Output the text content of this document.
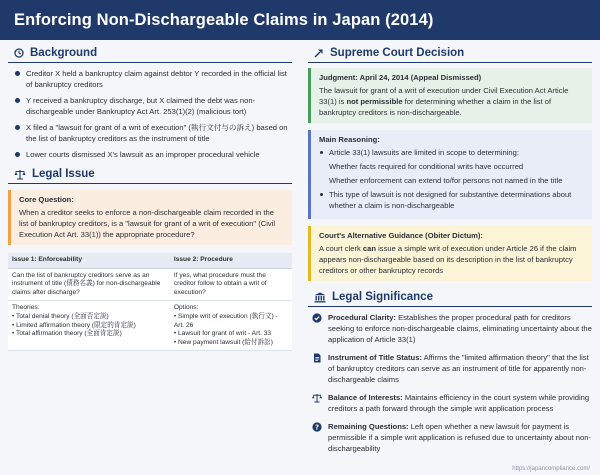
Enforcing Non-Dischargeable Claims in Japan (2014)
Background
Creditor X held a bankruptcy claim against debtor Y recorded in the official list of bankruptcy creditors
Y received a bankruptcy discharge, but X claimed the debt was non-dischargeable under Bankruptcy Act Art. 253(1)(2) (malicious tort)
X filed a "lawsuit for grant of a writ of execution" (執行文付与の訴え) based on the list of bankruptcy creditors as the instrument of title
Lower courts dismissed X's lawsuit as an improper procedural vehicle
Legal Issue
Core Question:
When a creditor seeks to enforce a non-dischargeable claim recorded in the list of bankruptcy creditors, is a "lawsuit for grant of a writ of execution" (Civil Execution Act Art. 33(1)) the appropriate procedure?
Issue 1: Enforceability	Issue 2: Procedure
Can the list of bankruptcy creditors serve as an instrument of title (債務名義) for non-dischargeable claims after discharge?	If yes, what procedure must the creditor follow to obtain a writ of execution?

Theories:
• Total denial theory (全面否定説)
• Limited affirmation theory (限定的肯定説)
• Total affirmation theory (全面肯定説)	Options:
• Simple writ of execution (執行文) - Art. 26
• Lawsuit for grant of writ - Art. 33
• New payment lawsuit (給付訴訟)
Supreme Court Decision
Judgment: April 24, 2014 (Appeal Dismissed)
The lawsuit for grant of a writ of execution under Civil Execution Act Article 33(1) is not permissible for determining whether a claim in the list of bankruptcy creditors is non-dischargeable.
Main Reasoning:
Article 33(1) lawsuits are limited in scope to determining:
Whether facts required for conditional writs have occurred
Whether enforcement can extend to/for persons not named in the title
This type of lawsuit is not designed for substantive determinations about whether a claim is non-dischargeable
Court's Alternative Guidance (Obiter Dictum):
A court clerk can issue a simple writ of execution under Article 26 if the claim appears non-dischargeable based on its description in the list of bankruptcy creditors or other bankruptcy records
Legal Significance
Procedural Clarity: Establishes the proper procedural path for creditors seeking to enforce non-dischargeable claims, eliminating uncertainty about the application of Article 33(1)
Instrument of Title Status: Affirms the "limited affirmation theory" that the list of bankruptcy creditors can serve as an instrument of title for apparently non-dischargeable claims
Balance of Interests: Maintains efficiency in the court system while providing creditors a path forward through the simple writ application process
? Remaining Questions: Left open whether a new lawsuit for payment is permissible if a simple writ application is refused due to uncertainty about non-dischargeability
https://japancompliance.com/
